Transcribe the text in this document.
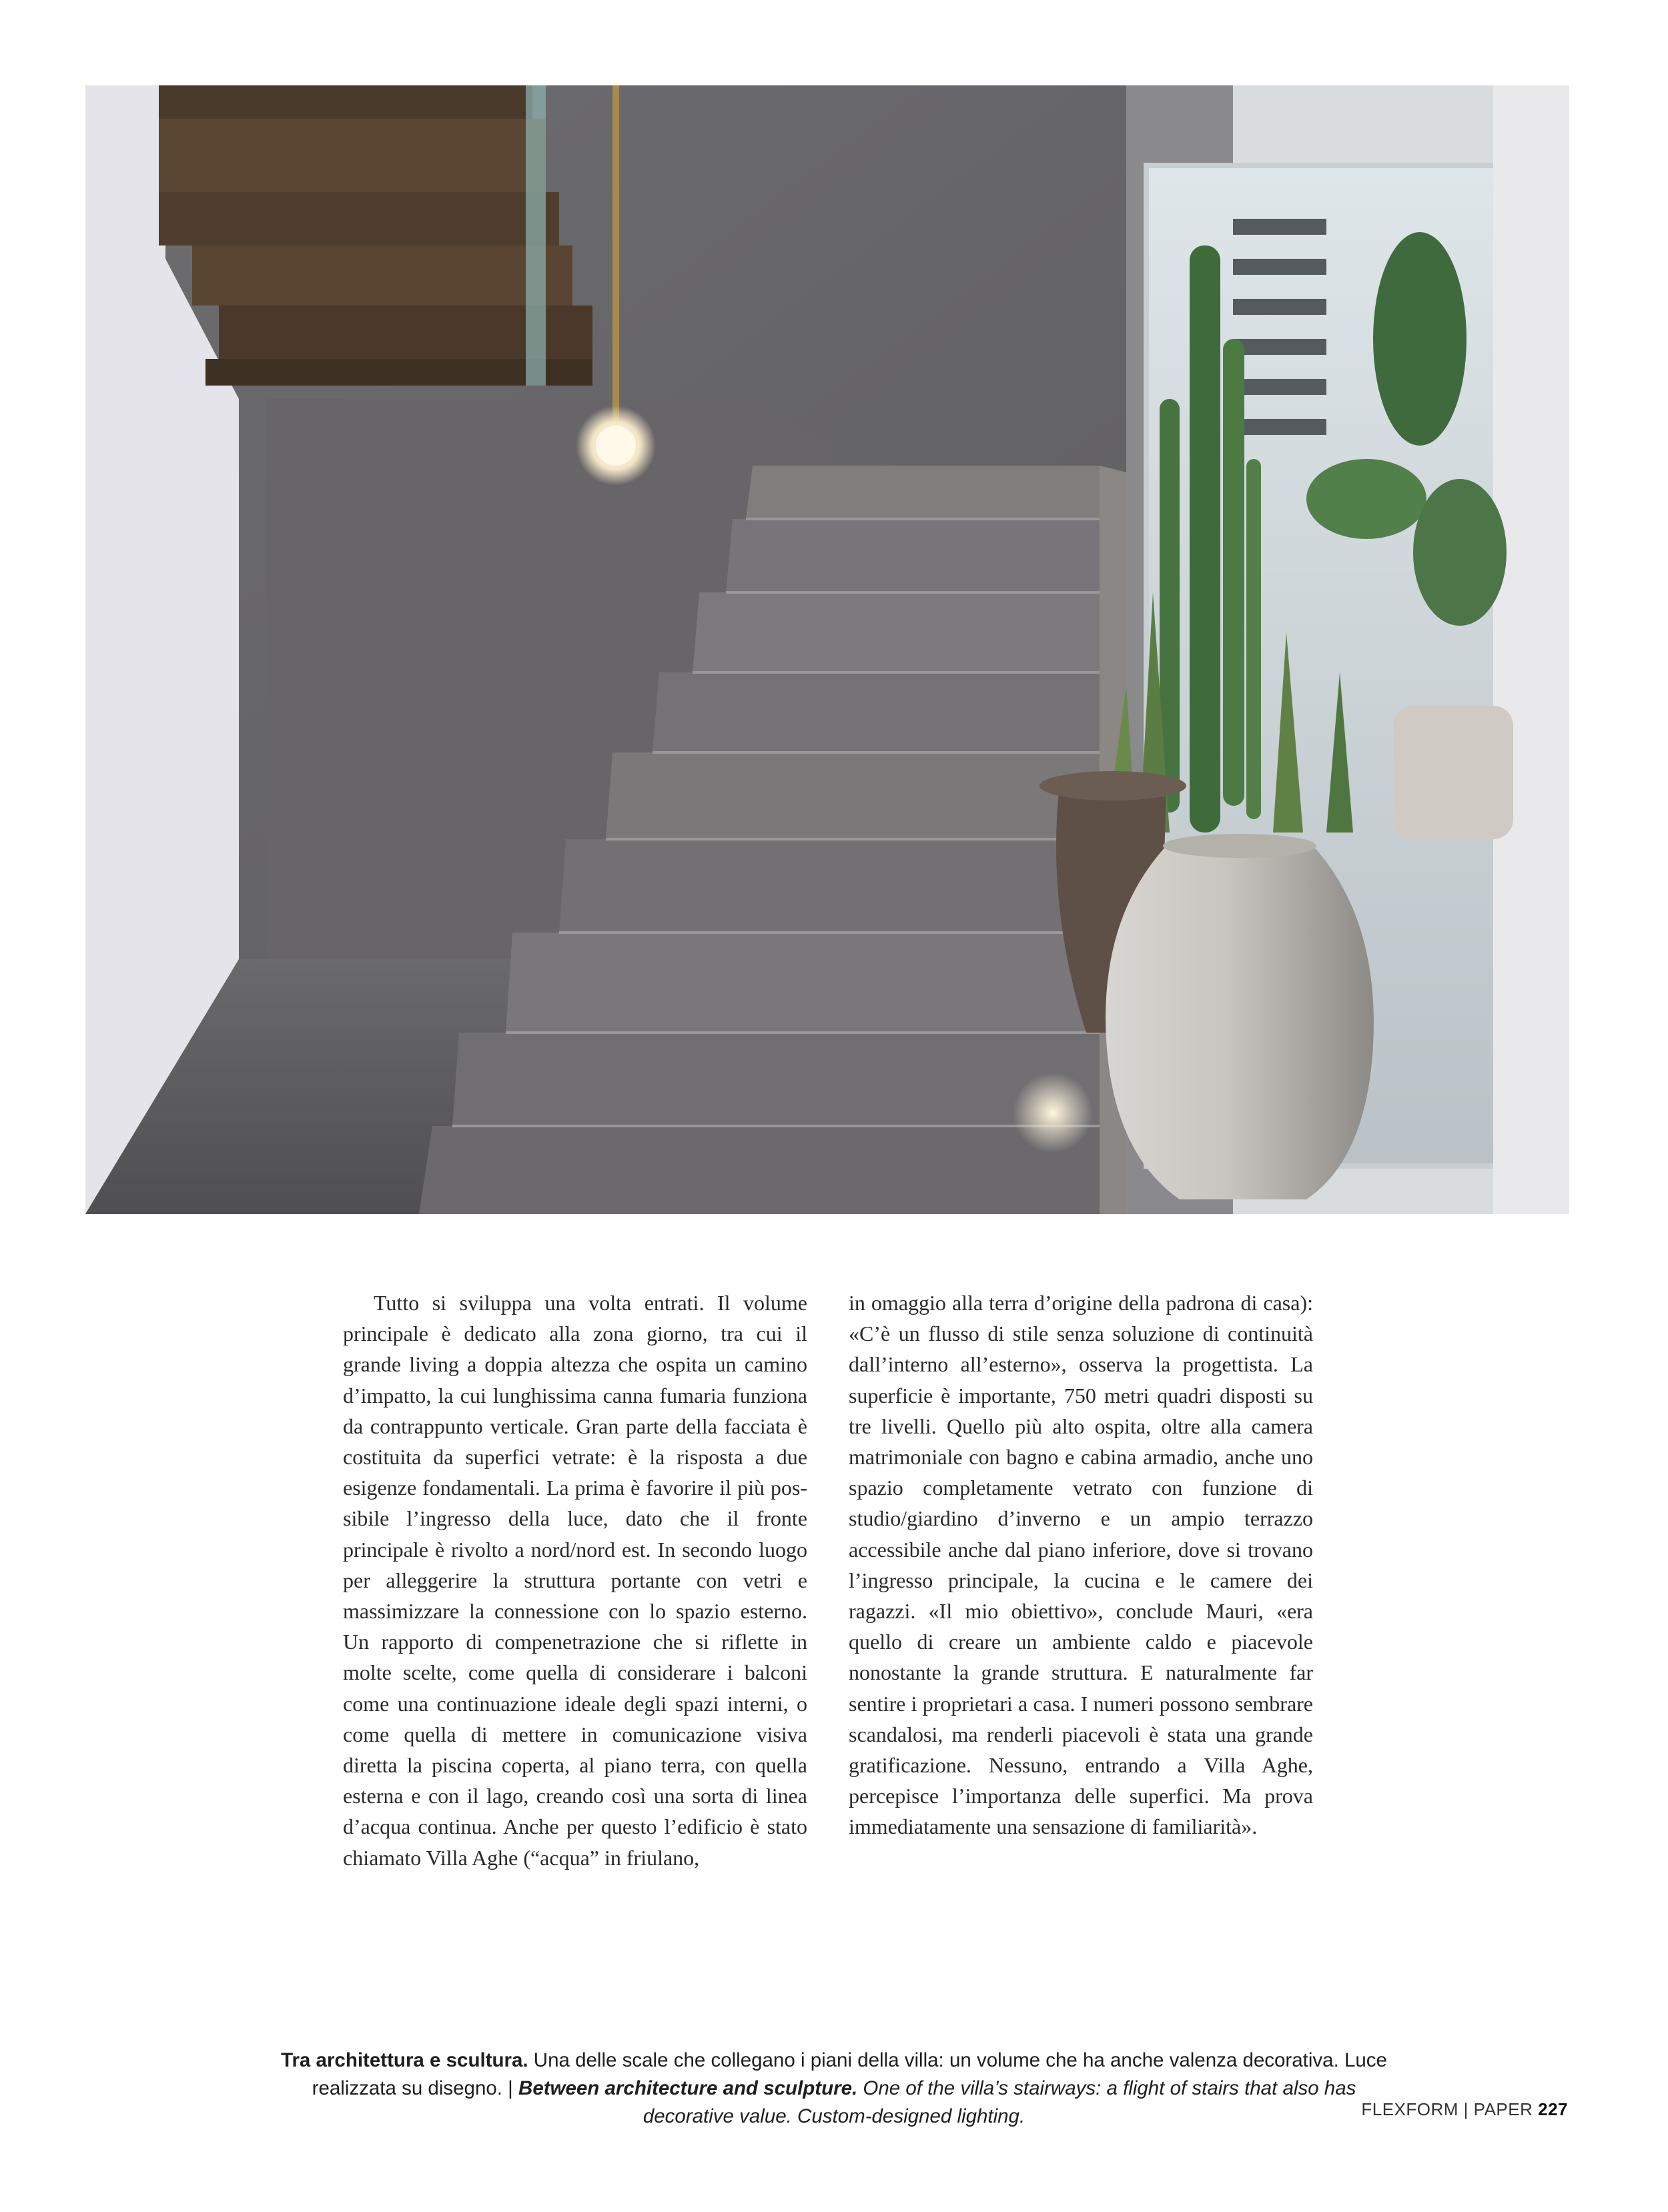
Tutto si sviluppa una volta entrati. Il volume principale è dedicato alla zona giorno, tra cui il grande living a doppia altezza che ospita un camino d’impatto, la cui lunghissima canna fumaria funziona da contrappunto verticale. Gran parte della facciata è costituita da superfici vetrate: è la risposta a due esigenze fondamentali. La prima è favorire il più possibile l’ingresso della luce, dato che il fronte principale è rivolto a nord/nord est. In secondo luogo per alleggerire la struttura portante con vetri e massimizzare la connessione con lo spazio esterno. Un rapporto di compenetrazione che si riflette in molte scelte, come quella di considerare i balconi come una continuazione ideale degli spazi interni, o come quella di mettere in comunicazione visiva diretta la piscina coperta, al piano terra, con quella esterna e con il lago, creando così una sorta di linea d’acqua continua. Anche per questo l’edificio è stato chiamato Villa Aghe (“acqua” in friulano,

in omaggio alla terra d’origine della padrona di casa): «C’è un flusso di stile senza soluzione di continuità dall’interno all’esterno», osserva la progettista. La superficie è importante, 750 metri quadri disposti su tre livelli. Quello più alto ospita, oltre alla camera matrimoniale con bagno e cabina armadio, anche uno spazio completamente vetrato con funzione di studio/giardino d’inverno e un ampio terrazzo accessibile anche dal piano inferiore, dove si trovano l’ingresso principale, la cucina e le camere dei ragazzi. «Il mio obiettivo», conclude Mauri, «era quello di creare un ambiente caldo e piacevole nonostante la grande struttura. E naturalmente far sentire i proprietari a casa. I numeri possono sembrare scandalosi, ma renderli piacevoli è stata una grande gratificazione. Nessuno, entrando a Villa Aghe, percepisce l’importanza delle superfici. Ma prova immediatamente una sensazione di familiarità».

Tra architettura e scultura. Una delle scale che collegano i piani della villa: un volume che ha anche valenza decorativa. Luce realizzata su disegno. | Between architecture and sculpture. One of the villa’s stairways: a flight of stairs that also has decorative value. Custom-designed lighting.	FLEXFORM | PAPER 227
